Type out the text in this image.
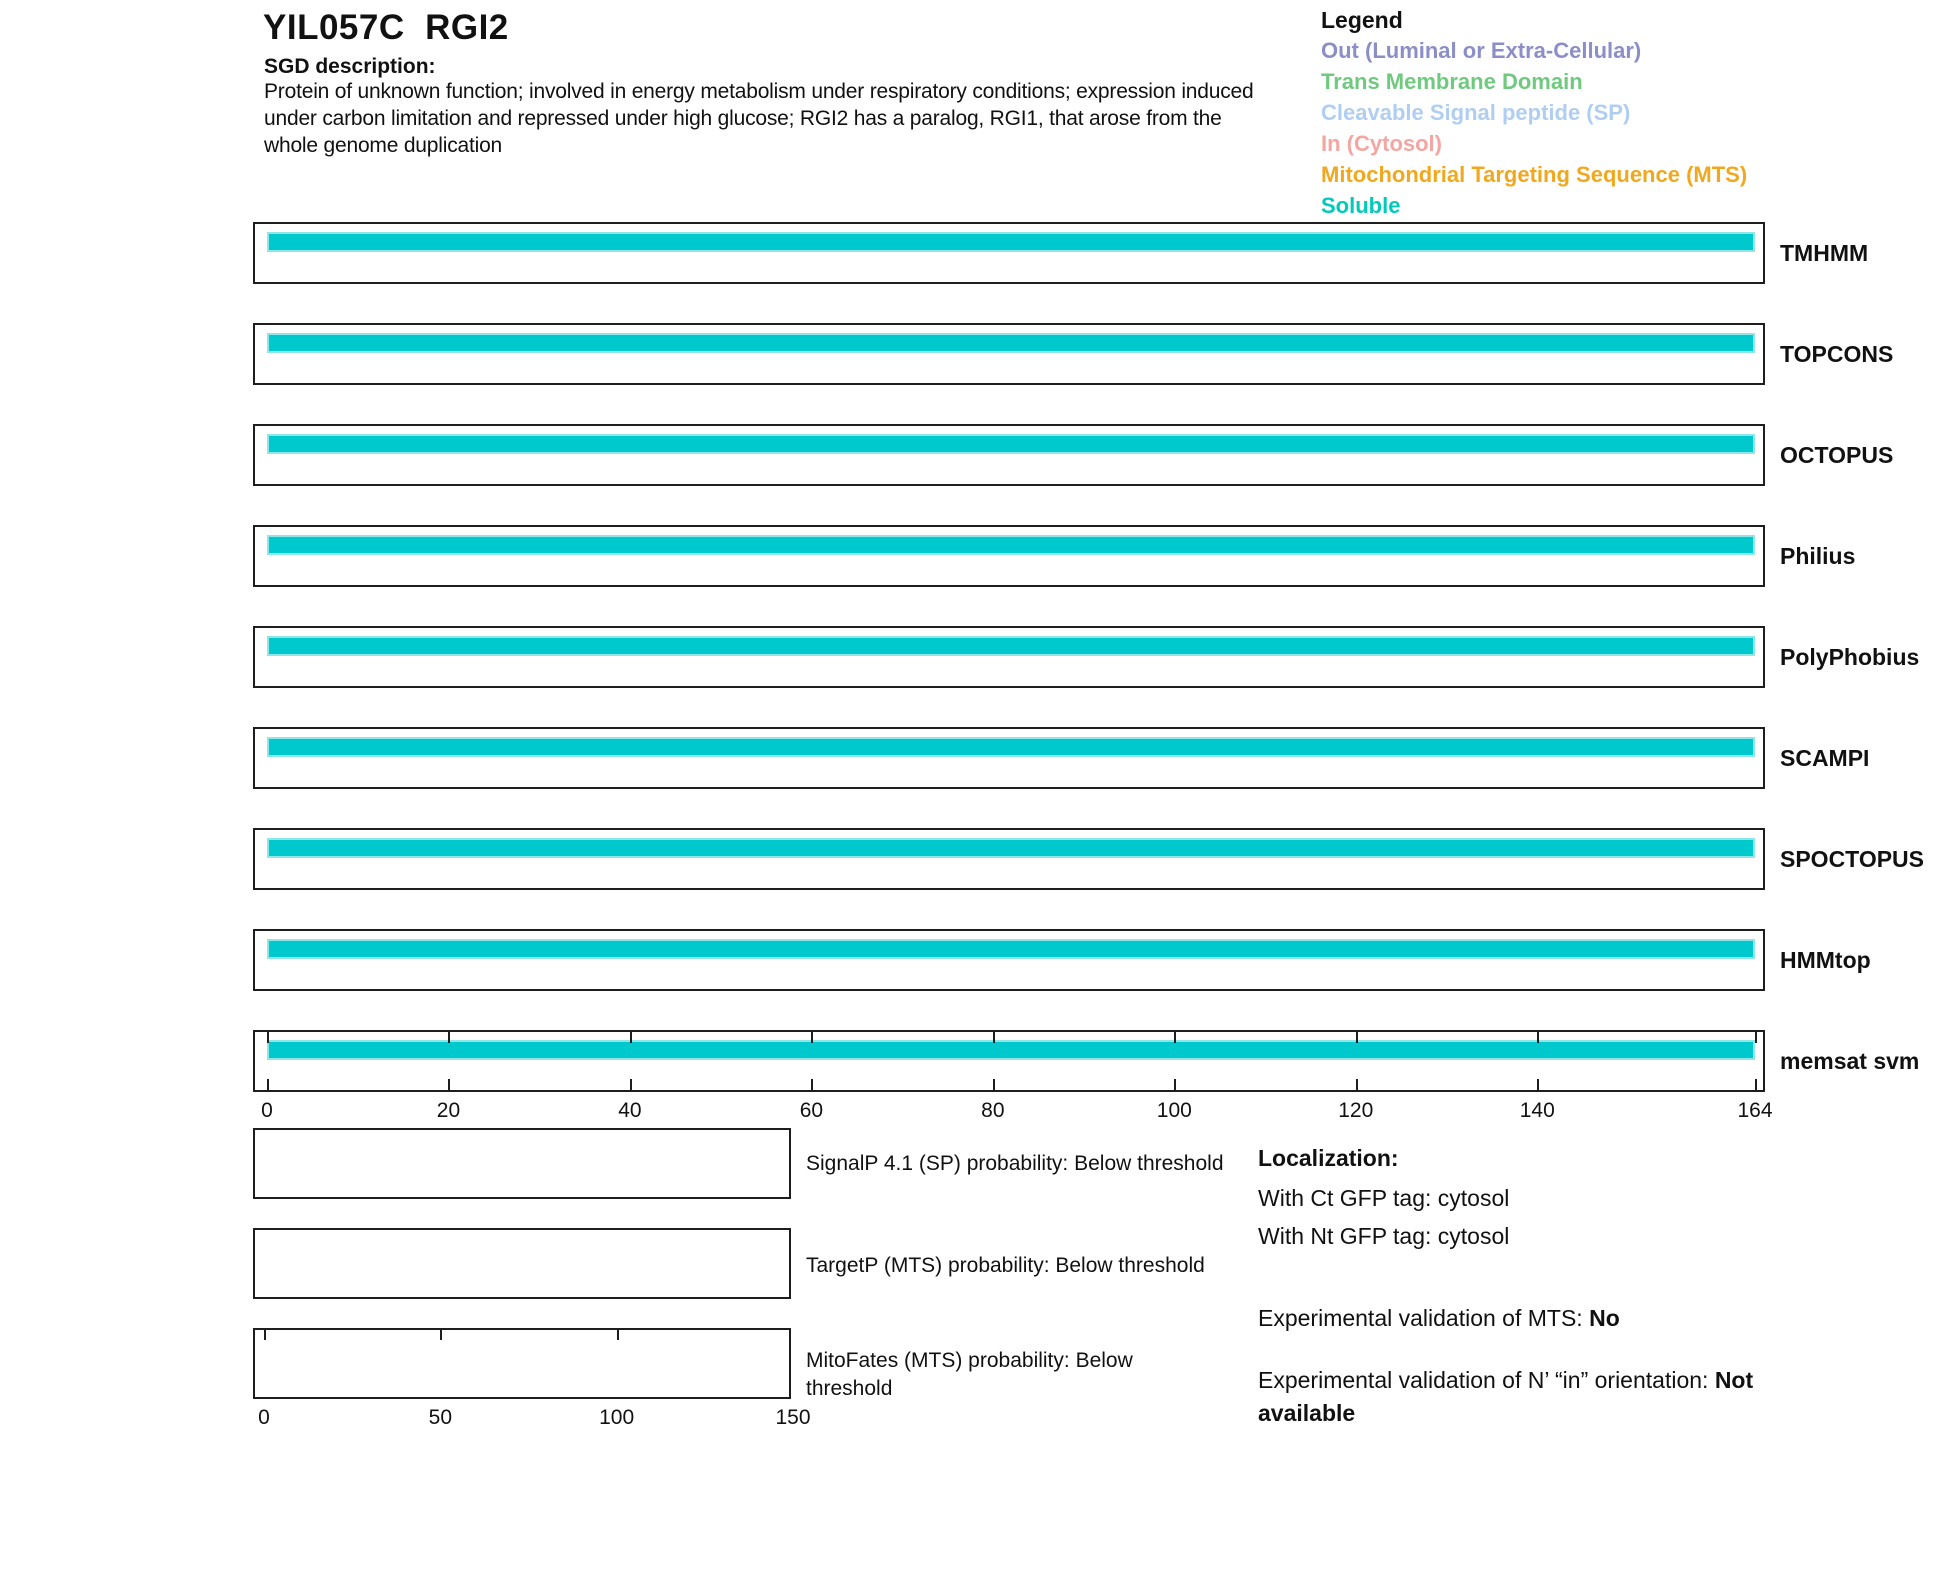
YIL057C  RGI2
SGD description:
Protein of unknown function; involved in energy metabolism under respiratory conditions; expression induced
under carbon limitation and repressed under high glucose; RGI2 has a paralog, RGI1, that arose from the
whole genome duplication
Legend
Out (Luminal or Extra-Cellular)
Trans Membrane Domain
Cleavable Signal peptide (SP)
In (Cytosol)
Mitochondrial Targeting Sequence (MTS)
Soluble
TMHMM
TOPCONS
OCTOPUS
Philius
PolyPhobius
SCAMPI
SPOCTOPUS
HMMtop
memsat svm
0	20	40	60	80	100	120	140	164
0	50	100	150
SignalP 4.1 (SP) probability: Below threshold
TargetP (MTS) probability: Below threshold
MitoFates (MTS) probability: Below threshold
Localization:
With Ct GFP tag: cytosol
With Nt GFP tag: cytosol
Experimental validation of MTS: No
Experimental validation of N’ “in” orientation: Not available
